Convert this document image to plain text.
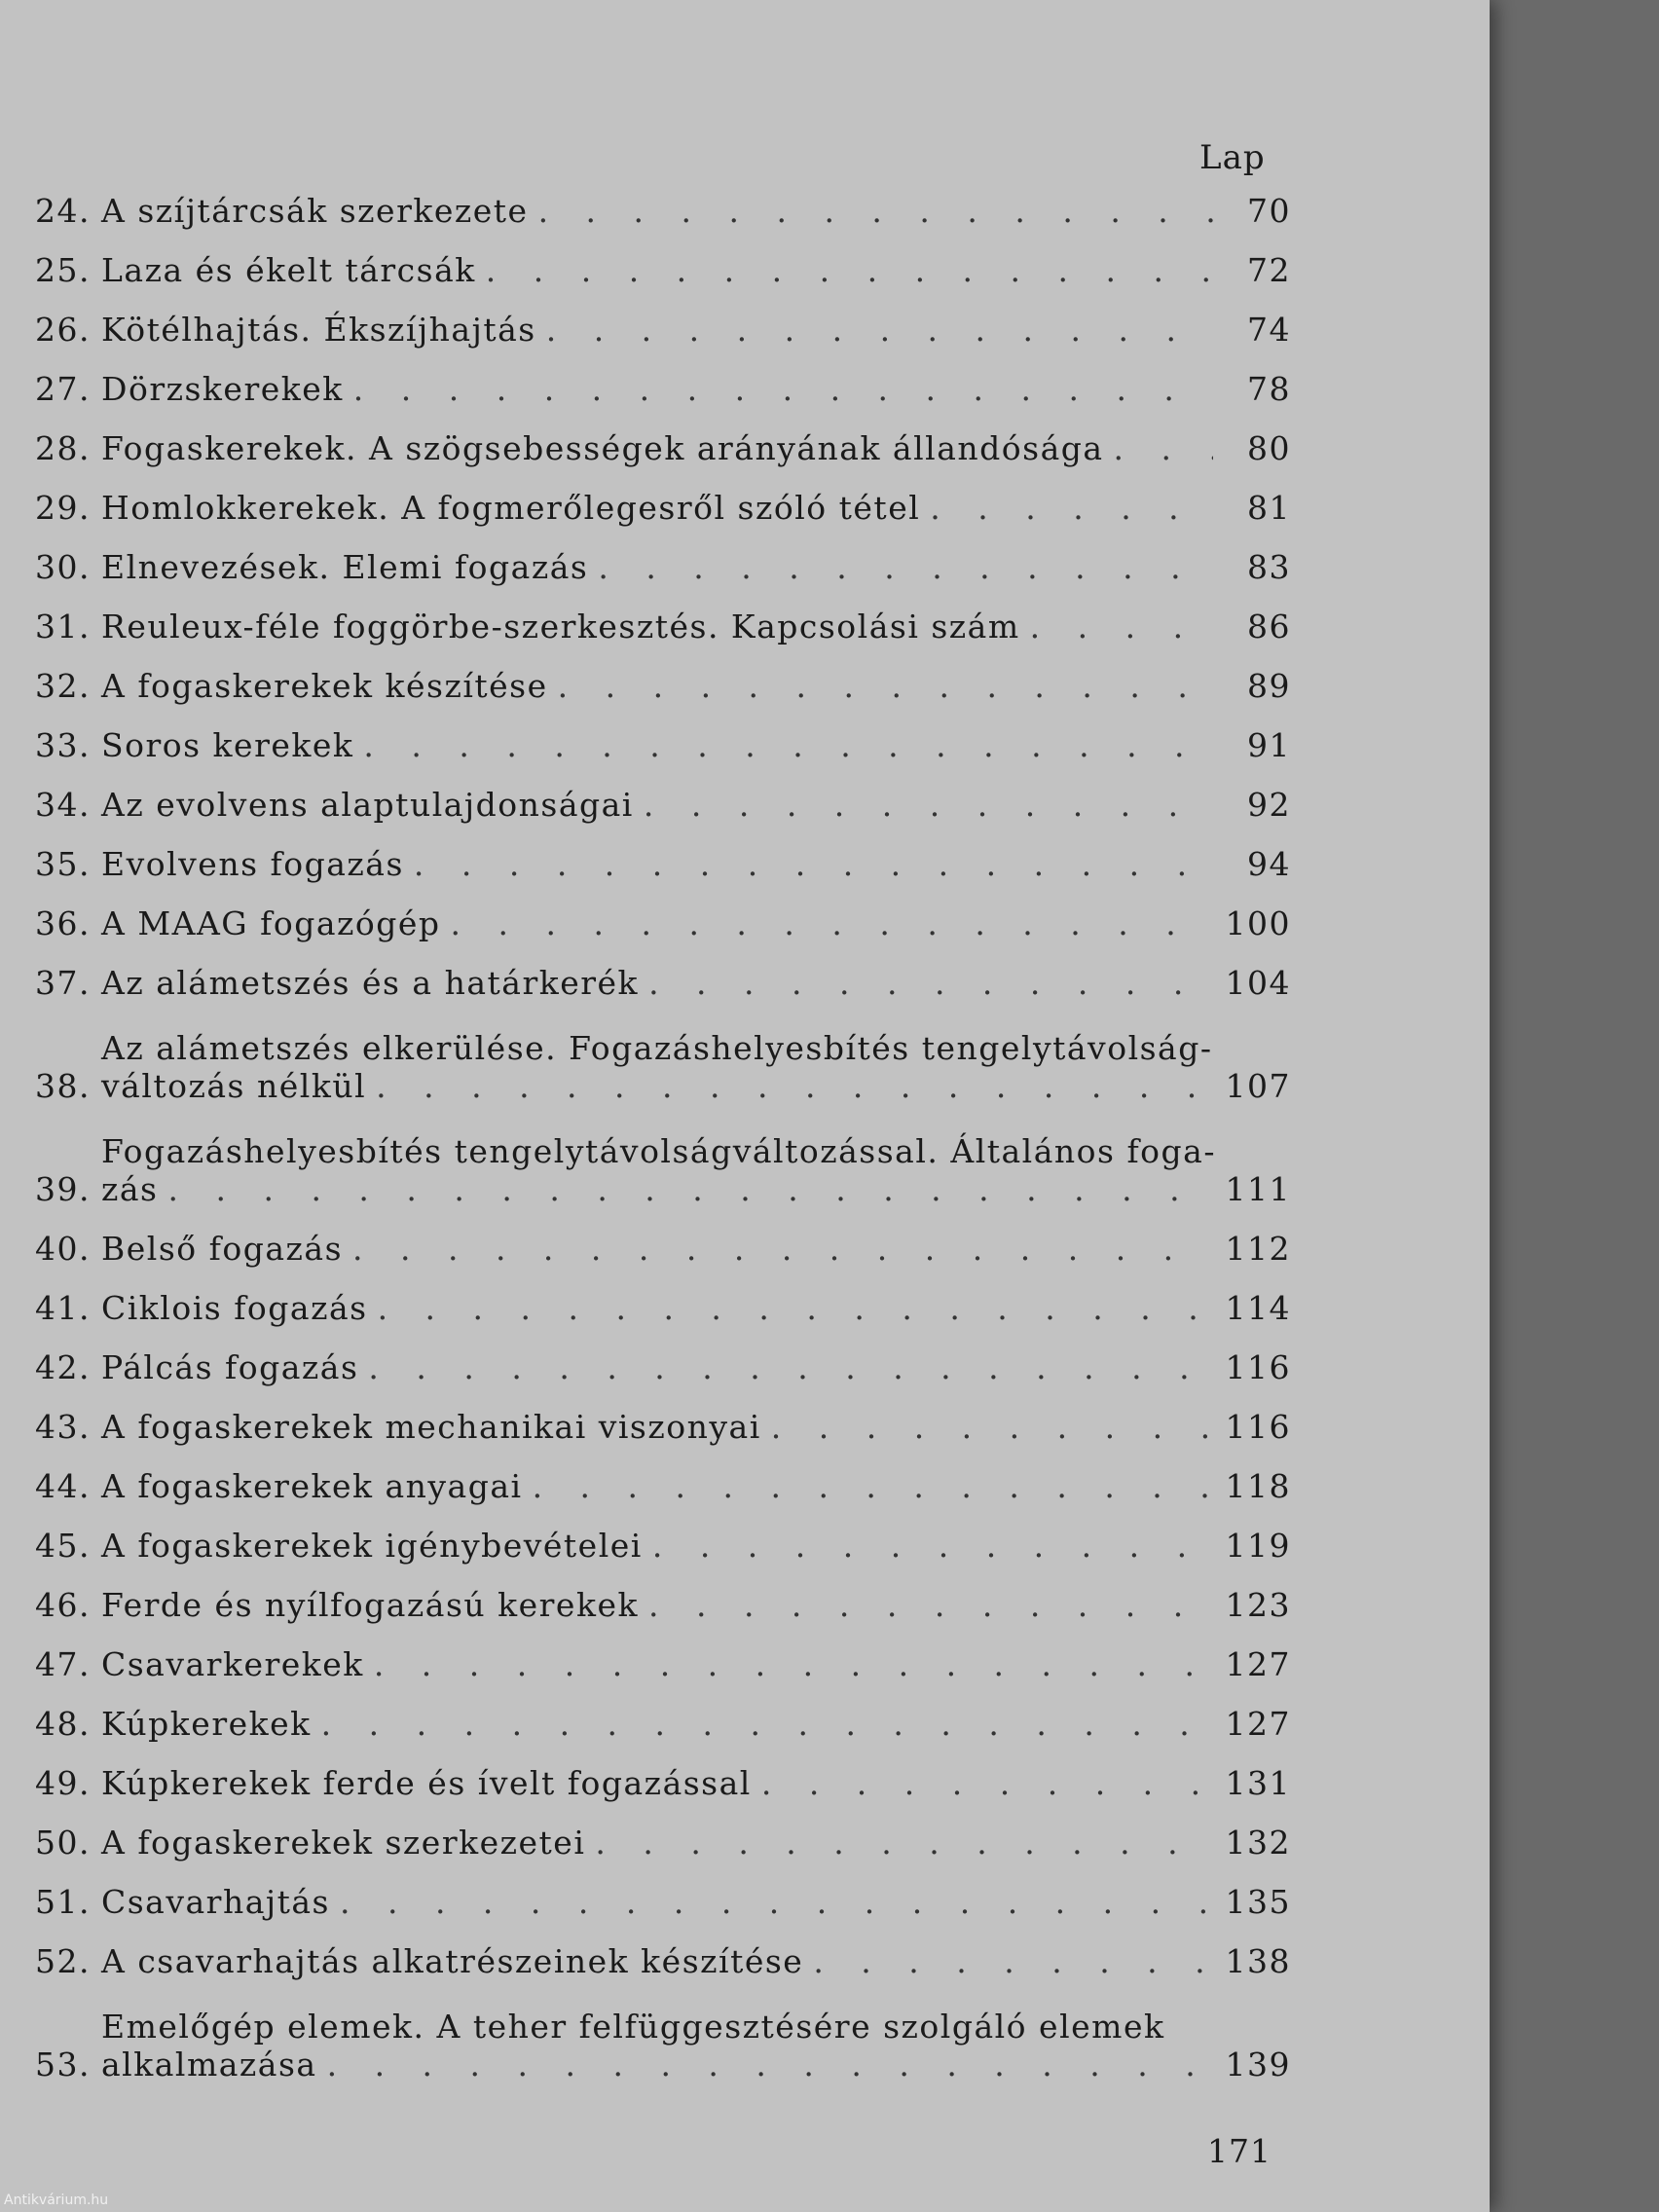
Lap
24. A szíjtárcsák szerkezete . . .	70
25. Laza és ékelt tárcsák . . .	72
26. Kötélhajtás. Ékszíjhajtás . . .	74
27. Dörzskerekek . . .	78
28. Fogaskerekek. A szögsebességek arányának állandósága . . .	80
29. Homlokkerekek. A fogmerőlegesről szóló tétel . . .	81
30. Elnevezések. Elemi fogazás . . .	83
31. Reuleux-féle foggörbe-szerkesztés. Kapcsolási szám . . .	86
32. A fogaskerekek készítése . . .	89
33. Soros kerekek . . .	91
34. Az evolvens alaptulajdonságai . . .	92
35. Evolvens fogazás . . .	94
36. A MAAG fogazógép . . .	100
37. Az alámetszés és a határkerék . . .	104
38.
Az alámetszés elkerülése. Fogazáshelyesbítés tengelytávolság-
változás nélkül . . .	107
39.
Fogazáshelyesbítés tengelytávolságváltozással. Általános foga-
zás . . .	111
40. Belső fogazás . . .	112
41. Ciklois fogazás . . .	114
42. Pálcás fogazás . . .	116
43. A fogaskerekek mechanikai viszonyai . . .	116
44. A fogaskerekek anyagai . . .	118
45. A fogaskerekek igénybevételei . . .	119
46. Ferde és nyílfogazású kerekek . . .	123
47. Csavarkerekek . . .	127
48. Kúpkerekek . . .	127
49. Kúpkerekek ferde és ívelt fogazással . . .	131
50. A fogaskerekek szerkezetei . . .	132
51. Csavarhajtás . . .	135
52. A csavarhajtás alkatrészeinek készítése . . .	138
53.
Emelőgép elemek. A teher felfüggesztésére szolgáló elemek
alkalmazása . . .	139
171
Antikvárium.hu
